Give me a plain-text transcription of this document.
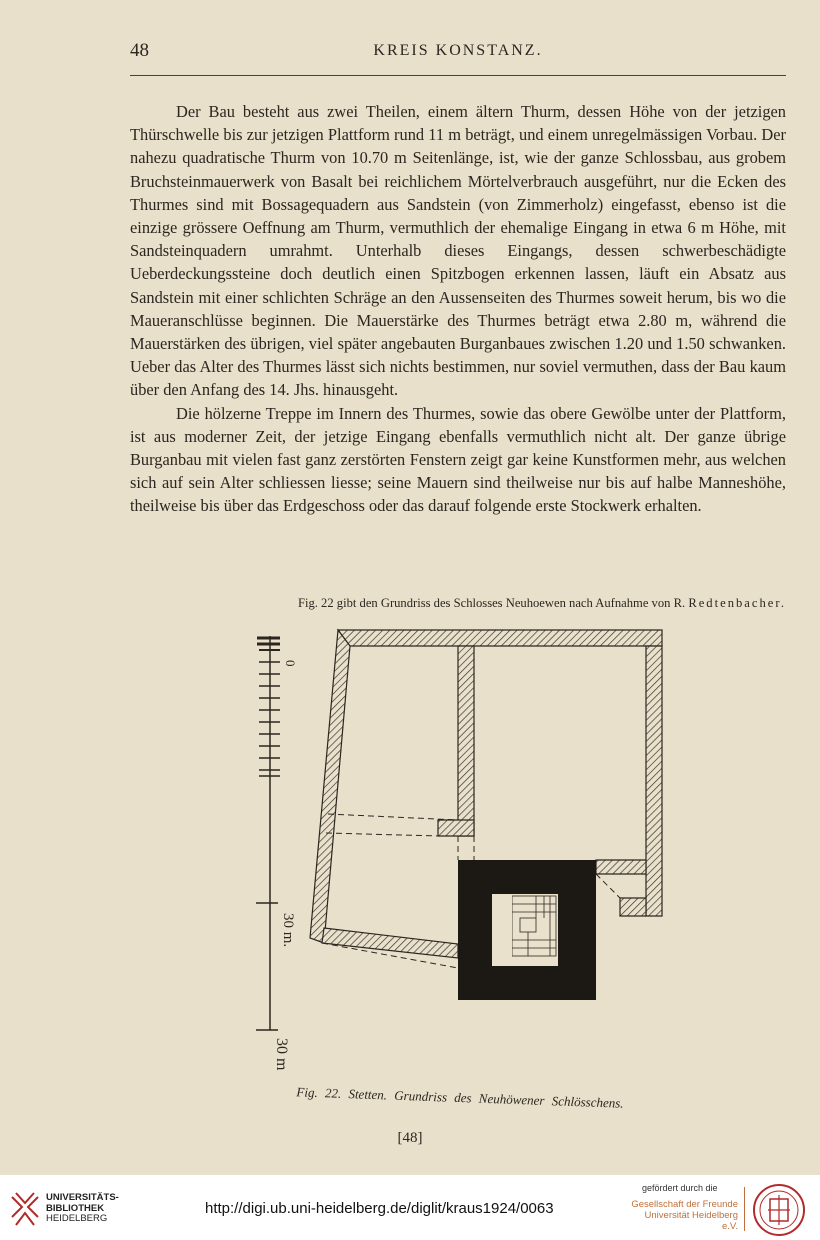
48	KREIS KONSTANZ.

Der Bau besteht aus zwei Theilen, einem ältern Thurm, dessen Höhe von der jetzigen Thürschwelle bis zur jetzigen Plattform rund 11 m beträgt, und einem unregelmässigen Vorbau. Der nahezu quadratische Thurm von 10.70 m Seitenlänge, ist, wie der ganze Schlossbau, aus grobem Bruchsteinmauerwerk von Basalt bei reichlichem Mörtelverbrauch ausgeführt, nur die Ecken des Thurmes sind mit Bossagequadern aus Sandstein (von Zimmerholz) eingefasst, ebenso ist die einzige grössere Oeffnung am Thurm, vermuthlich der ehemalige Eingang in etwa 6 m Höhe, mit Sandsteinquadern umrahmt. Unterhalb dieses Eingangs, dessen schwerbeschädigte Ueberdeckungssteine doch deutlich einen Spitzbogen erkennen lassen, läuft ein Absatz aus Sandstein mit einer schlichten Schräge an den Aussenseiten des Thurmes soweit herum, bis wo die Maueranschlüsse beginnen. Die Mauerstärke des Thurmes beträgt etwa 2.80 m, während die Mauerstärken des übrigen, viel später angebauten Burganbaues zwischen 1.20 und 1.50 schwanken. Ueber das Alter des Thurmes lässt sich nichts bestimmen, nur soviel vermuthen, dass der Bau kaum über den Anfang des 14. Jhs. hinausgeht.

Die hölzerne Treppe im Innern des Thurmes, sowie das obere Gewölbe unter der Plattform, ist aus moderner Zeit, der jetzige Eingang ebenfalls vermuthlich nicht alt. Der ganze übrige Burganbau mit vielen fast ganz zerstörten Fenstern zeigt gar keine Kunstformen mehr, aus welchen sich auf sein Alter schliessen liesse; seine Mauern sind theilweise nur bis auf halbe Manneshöhe, theilweise bis über das Erdgeschoss oder das darauf folgende erste Stockwerk erhalten.

Fig. 22 gibt den Grundriss des Schlosses Neuhoewen nach Aufnahme von R. Redtenbacher.
0
30 m.
30 m
Fig. 22. Stetten. Grundriss des Neuhöwener Schlösschens.
[48]
UNIVERSITÄTS-
BIBLIOTHEK
HEIDELBERG
http://digi.ub.uni-heidelberg.de/diglit/kraus1924/0063
gefördert durch die
Gesellschaft der Freunde
Universität Heidelberg e.V.
